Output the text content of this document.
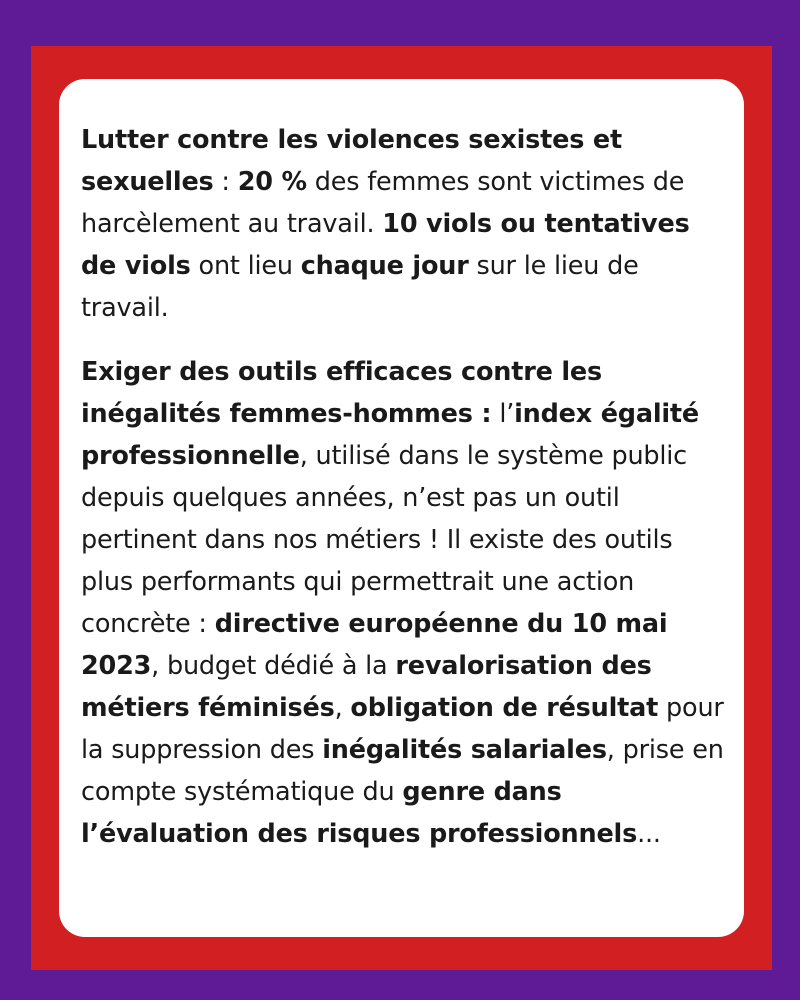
Lutter contre les violences sexistes et sexuelles : 20 % des femmes sont victimes de harcèlement au travail. 10 viols ou tentatives de viols ont lieu chaque jour sur le lieu de travail.

Exiger des outils efficaces contre les inégalités femmes-hommes : l’index égalité professionnelle, utilisé dans le système public depuis quelques années, n’est pas un outil pertinent dans nos métiers ! Il existe des outils plus performants qui permettrait une action concrète : directive européenne du 10 mai 2023, budget dédié à la revalorisation des métiers féminisés, obligation de résultat pour la suppression des inégalités salariales, prise en compte systématique du genre dans l’évaluation des risques professionnels...
